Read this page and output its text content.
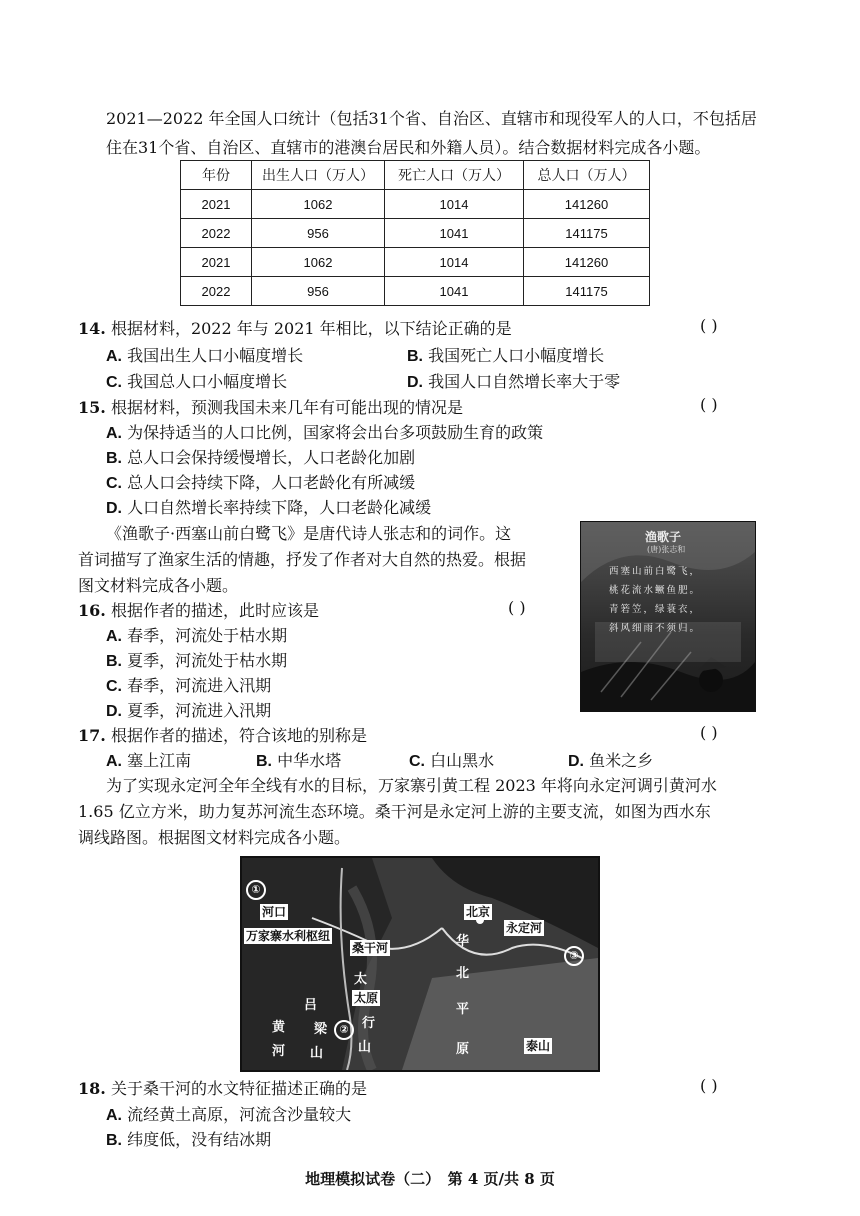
2021—2022 年全国人口统计（包括31个省、自治区、直辖市和现役军人的人口，不包括居住在31个省、自治区、直辖市的港澳台居民和外籍人员）。结合数据材料完成各小题。
年份	出生人口（万人）	死亡人口（万人）	总人口（万人）
2021	1062	1014	141260
2022	956	1041	141175
2021	1062	1014	141260
2022	956	1041	141175
14. 根据材料，2022 年与 2021 年相比，以下结论正确的是	( )
A. 我国出生人口小幅度增长	B. 我国死亡人口小幅度增长
C. 我国总人口小幅度增长	D. 我国人口自然增长率大于零
15. 根据材料，预测我国未来几年有可能出现的情况是	( )
A. 为保持适当的人口比例，国家将会出台多项鼓励生育的政策
B. 总人口会保持缓慢增长，人口老龄化加剧
C. 总人口会持续下降，人口老龄化有所减缓
D. 人口自然增长率持续下降，人口老龄化减缓
《渔歌子·西塞山前白鹭飞》是唐代诗人张志和的词作。这
首词描写了渔家生活的情趣，抒发了作者对大自然的热爱。根据
图文材料完成各小题。
渔歌子
(唐)张志和
西塞山前白鹭飞，
桃花流水鳜鱼肥。
青箬笠，绿蓑衣，
斜风细雨不须归。
16. 根据作者的描述，此时应该是	( )
A. 春季，河流处于枯水期
B. 夏季，河流处于枯水期
C. 春季，河流进入汛期
D. 夏季，河流进入汛期
17. 根据作者的描述，符合该地的别称是	( )
A. 塞上江南	B. 中华水塔	C. 白山黑水	D. 鱼米之乡
为了实现永定河全年全线有水的目标，万家寨引黄工程 2023 年将向永定河调引黄河水
1.65 亿立方米，助力复苏河流生态环境。桑干河是永定河上游的主要支流，如图为西水东
调线路图。根据图文材料完成各小题。
①
②
③
河口
万家寨水利枢纽
桑干河
北京
永定河
太原
泰山
太
行
山
吕
梁
黄
河 山
华
北
平
原
18. 关于桑干河的水文特征描述正确的是	( )
A. 流经黄土高原，河流含沙量较大
B. 纬度低，没有结冰期
地理模拟试卷（二）　第 4 页/共 8 页
